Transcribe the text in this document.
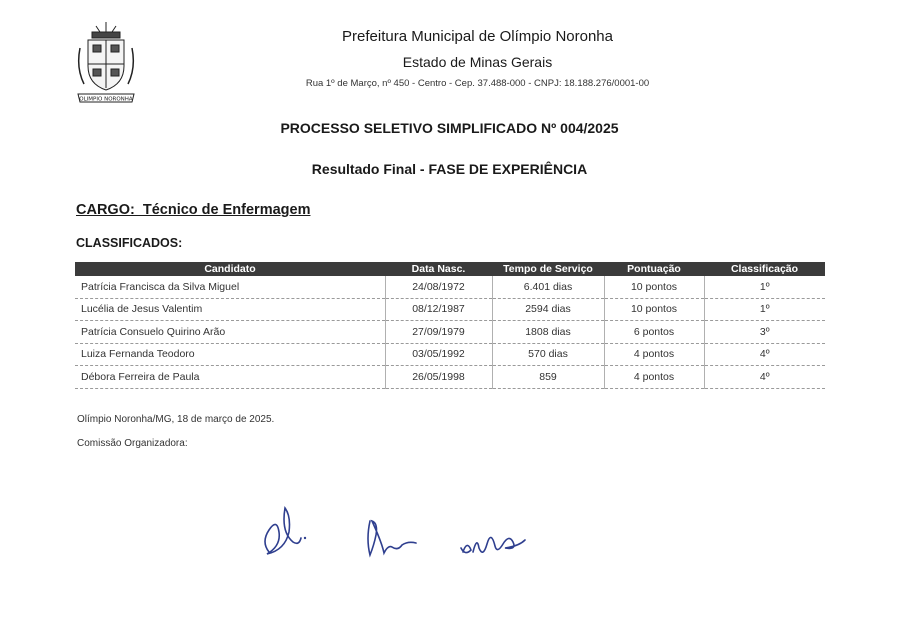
OLIMPIO NORONHA
Prefeitura Municipal de Olímpio Noronha
Estado de Minas Gerais
Rua 1º de Março, nº 450 - Centro - Cep. 37.488-000 - CNPJ: 18.188.276/0001-00
PROCESSO SELETIVO SIMPLIFICADO Nº 004/2025
Resultado Final - FASE DE EXPERIÊNCIA
CARGO:  Técnico de Enfermagem
CLASSIFICADOS:
Candidato	Data Nasc.	Tempo de Serviço	Pontuação	Classificação
Patrícia Francisca da Silva Miguel	24/08/1972	6.401 dias	10 pontos	1º
Lucélia de Jesus Valentim	08/12/1987	2594 dias	10 pontos	1º
Patrícia Consuelo Quirino Arão	27/09/1979	1808 dias	6 pontos	3º
Luiza Fernanda Teodoro	03/05/1992	570 dias	4 pontos	4º
Débora Ferreira de Paula	26/05/1998	859	4 pontos	4º
Olímpio Noronha/MG, 18 de março de 2025.
Comissão Organizadora:
